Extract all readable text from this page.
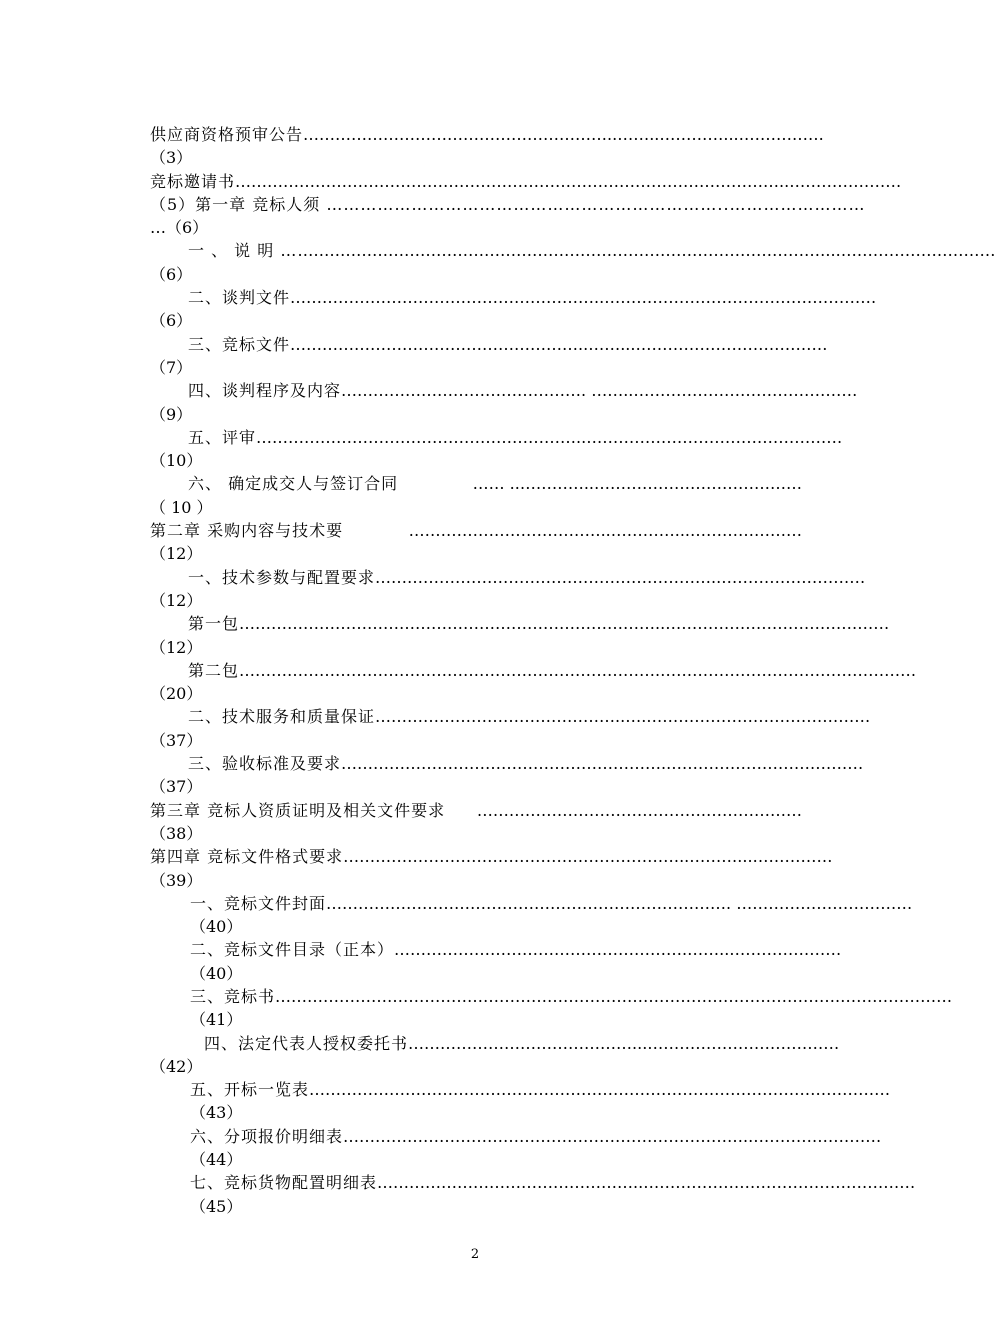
供应商资格预审公告 …………………………………………………..……..…………...…………….
（3）
竞标邀请书 …………………………………………………………………………………………..…………………
（5）第一章 竞标人须 ……………………………………………………………..……………………
…（6）
一 、 说 明 … ………………………………………………………………………………………..…………………………
（6）
二、谈判文件 …………………………………………………..……………………………………………
（6）
三、竞标文件 ………………………………………………..……...………………………………
（7）
四、谈判程序及内容 ………………………………………. ……..……………………………………
（9）
五、评审 ……………………………………………………..…………………………………………
（10）
六、 确定成交人与签订合同	…… ..…………..…………………………………
（ 10 ）
第二章 采购内容与技术要	………………………………..…………...…………………
（12）
一、技术参数与配置要求 ………………………………………………………..………………………
（12）
第一包 ……………………………………………………………………..……………………………………
（12）
第二包 …………………………………………………………………….…………………………………………
（20）
二、技术服务和质量保证 ………………………………………..….……………………………………
（37）
三、验收标准及要求 ……………………………………………………..………………………………
（37）
第三章 竞标人资质证明及相关文件要求	…………………………………….………………
（38）
第四章 竞标文件格式要求 ………………………………………………………..………...……………
（39）
一、竞标文件封面 …………………………………………………………………. ……………………………
（40）
二、竞标文件目录（正本） ……………………………………………….……..…………………
（40）
三、竞标书 …………………………………………………………………………………………….…………………
（41）
四、法定代表人授权委托书 ……………………………………...………………………………
（42）
五、开标一览表 ………………………………………………………………….……………………………
（43）
六、分项报价明细表 …………………………………………………………………..……………………
（44）
七、竞标货物配置明细表 …………………………………………..……………………………………………
（45）
2
